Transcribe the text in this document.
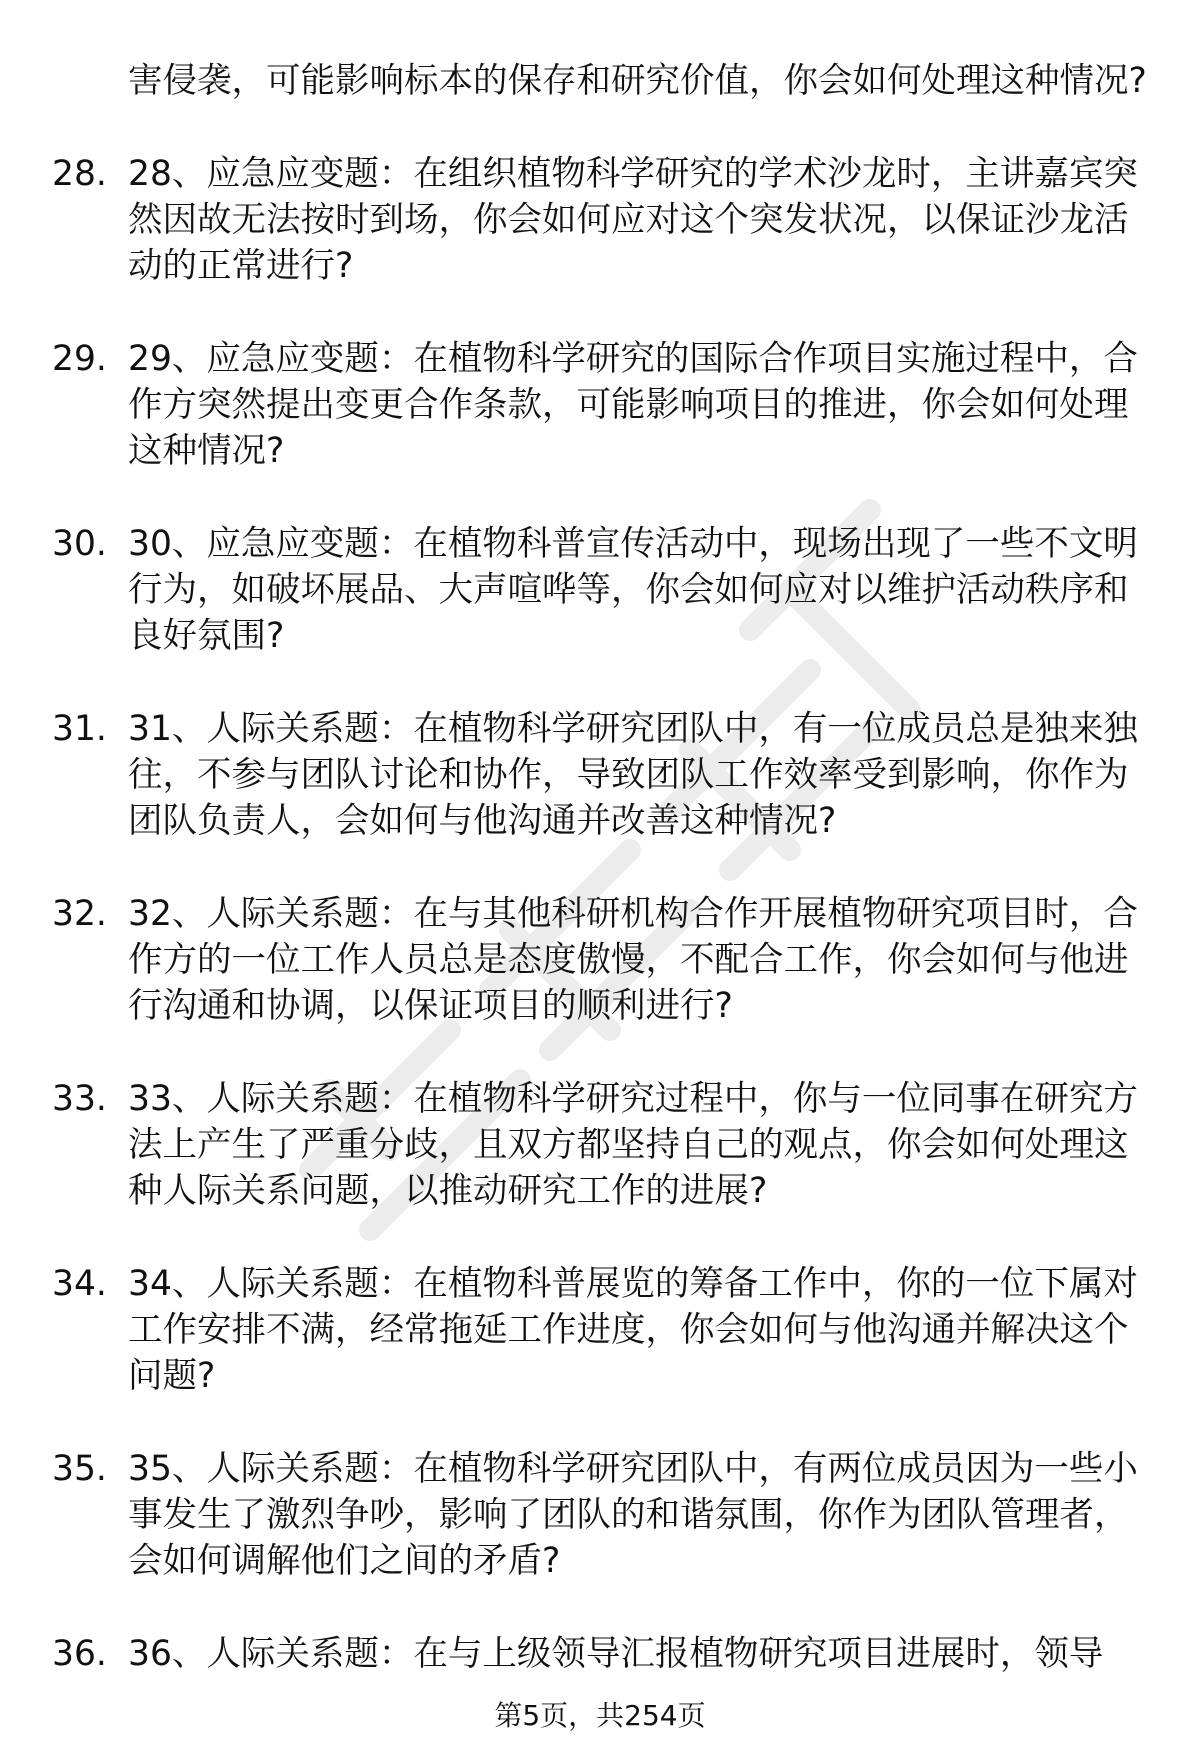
害侵袭，可能影响标本的保存和研究价值，你会如何处理这种情况?
28. 28、应急应变题：在组织植物科学研究的学术沙龙时，主讲嘉宾突然因故无法按时到场，你会如何应对这个突发状况，以保证沙龙活动的正常进行?
29. 29、应急应变题：在植物科学研究的国际合作项目实施过程中，合作方突然提出变更合作条款，可能影响项目的推进，你会如何处理这种情况?
30. 30、应急应变题：在植物科普宣传活动中，现场出现了一些不文明行为，如破坏展品、大声喧哗等，你会如何应对以维护活动秩序和良好氛围?
31. 31、人际关系题：在植物科学研究团队中，有一位成员总是独来独往，不参与团队讨论和协作，导致团队工作效率受到影响，你作为团队负责人，会如何与他沟通并改善这种情况?
32. 32、人际关系题：在与其他科研机构合作开展植物研究项目时，合作方的一位工作人员总是态度傲慢，不配合工作，你会如何与他进行沟通和协调，以保证项目的顺利进行?
33. 33、人际关系题：在植物科学研究过程中，你与一位同事在研究方法上产生了严重分歧，且双方都坚持自己的观点，你会如何处理这种人际关系问题，以推动研究工作的进展?
34. 34、人际关系题：在植物科普展览的筹备工作中，你的一位下属对工作安排不满，经常拖延工作进度，你会如何与他沟通并解决这个问题?
35. 35、人际关系题：在植物科学研究团队中，有两位成员因为一些小事发生了激烈争吵，影响了团队的和谐氛围，你作为团队管理者，会如何调解他们之间的矛盾?
36. 36、人际关系题：在与上级领导汇报植物研究项目进展时，领导
第5页，共254页
